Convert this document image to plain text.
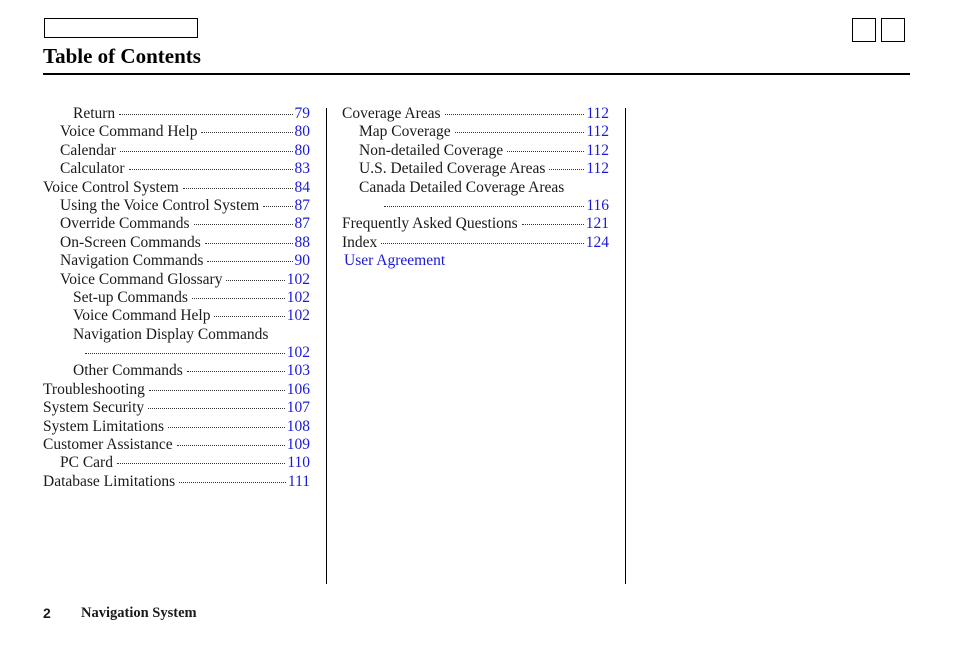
Table of Contents
Return	79
Voice Command Help	80
Calendar	80
Calculator	83
Voice Control System	84
Using the Voice Control System 87
Override Commands	87
On-Screen Commands	88
Navigation Commands	90
Voice Command Glossary	102
Set-up Commands	102
Voice Command Help	102
Navigation Display Commands
102
Other Commands	103
Troubleshooting	106
System Security	107
System Limitations	108
Customer Assistance	109
PC Card	110
Database Limitations	111
Coverage Areas	112
Map Coverage	112
Non-detailed Coverage	112
U.S. Detailed Coverage Areas	112
Canada Detailed Coverage Areas
116
Frequently Asked Questions	121
Index	124
User Agreement
2 Navigation System
